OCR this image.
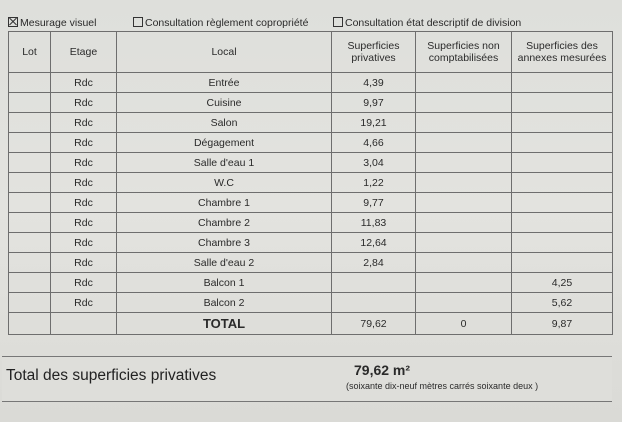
Mesurage visuel	Consultation règlement copropriété	Consultation état descriptif de division
Lot	Etage	Local	Superficies privatives	Superficies non comptabilisées	Superficies des annexes mesurées
	Rdc	Entrée	4,39		
	Rdc	Cuisine	9,97		
	Rdc	Salon	19,21		
	Rdc	Dégagement	4,66		
	Rdc	Salle d'eau 1	3,04		
	Rdc	W.C	1,22		
	Rdc	Chambre 1	9,77		
	Rdc	Chambre 2	11,83		
	Rdc	Chambre 3	12,64		
	Rdc	Salle d'eau 2	2,84		
	Rdc	Balcon 1			4,25
	Rdc	Balcon 2			5,62
		TOTAL	79,62	0	9,87
Total des superficies privatives	79,62 m²
(soixante dix-neuf mètres carrés soixante deux )
